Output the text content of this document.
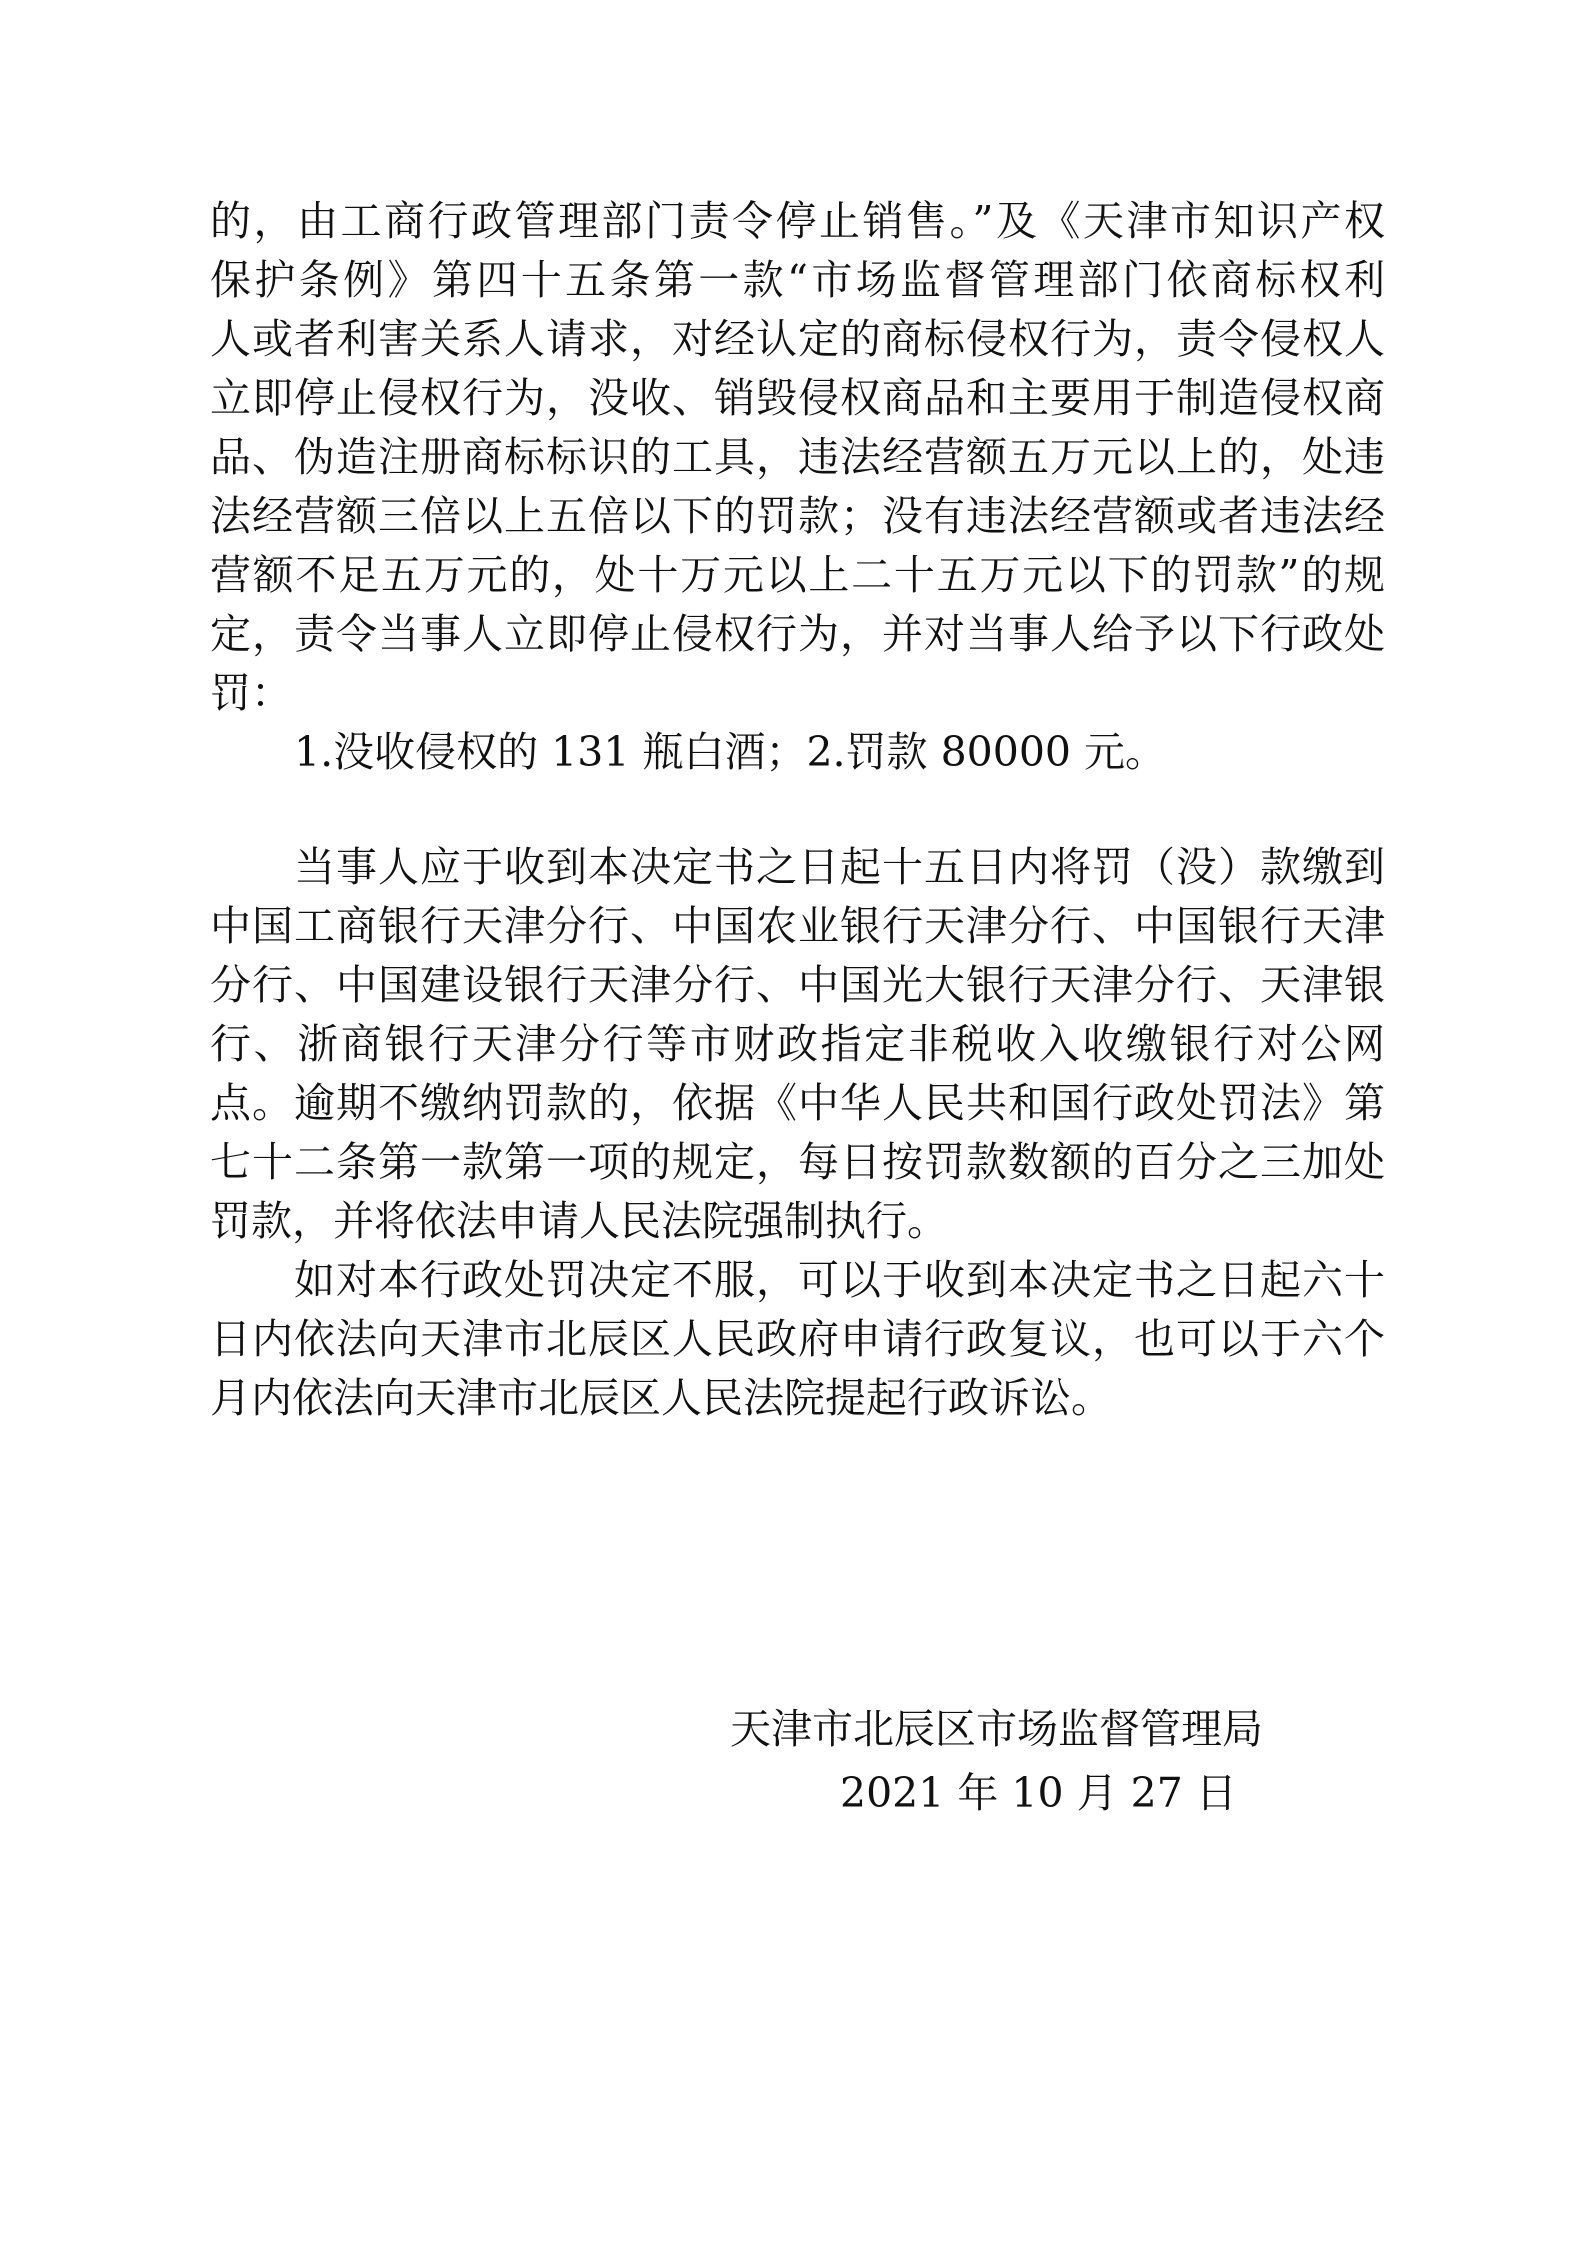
的，由工商行政管理部门责令停止销售。”及《天津市知识产权
保护条例》第四十五条第一款“市场监督管理部门依商标权利
人或者利害关系人请求，对经认定的商标侵权行为，责令侵权人
立即停止侵权行为，没收、销毁侵权商品和主要用于制造侵权商
品、伪造注册商标标识的工具，违法经营额五万元以上的，处违
法经营额三倍以上五倍以下的罚款；没有违法经营额或者违法经
营额不足五万元的，处十万元以上二十五万元以下的罚款”的规
定，责令当事人立即停止侵权行为，并对当事人给予以下行政处
罚：
1.没收侵权的 131 瓶白酒；2.罚款 80000 元。
当事人应于收到本决定书之日起十五日内将罚（没）款缴到
中国工商银行天津分行、中国农业银行天津分行、中国银行天津
分行、中国建设银行天津分行、中国光大银行天津分行、天津银
行、浙商银行天津分行等市财政指定非税收入收缴银行对公网
点。逾期不缴纳罚款的，依据《中华人民共和国行政处罚法》第
七十二条第一款第一项的规定，每日按罚款数额的百分之三加处
罚款，并将依法申请人民法院强制执行。
如对本行政处罚决定不服，可以于收到本决定书之日起六十
日内依法向天津市北辰区人民政府申请行政复议，也可以于六个
月内依法向天津市北辰区人民法院提起行政诉讼。
天津市北辰区市场监督管理局
2021 年 10 月 27 日
